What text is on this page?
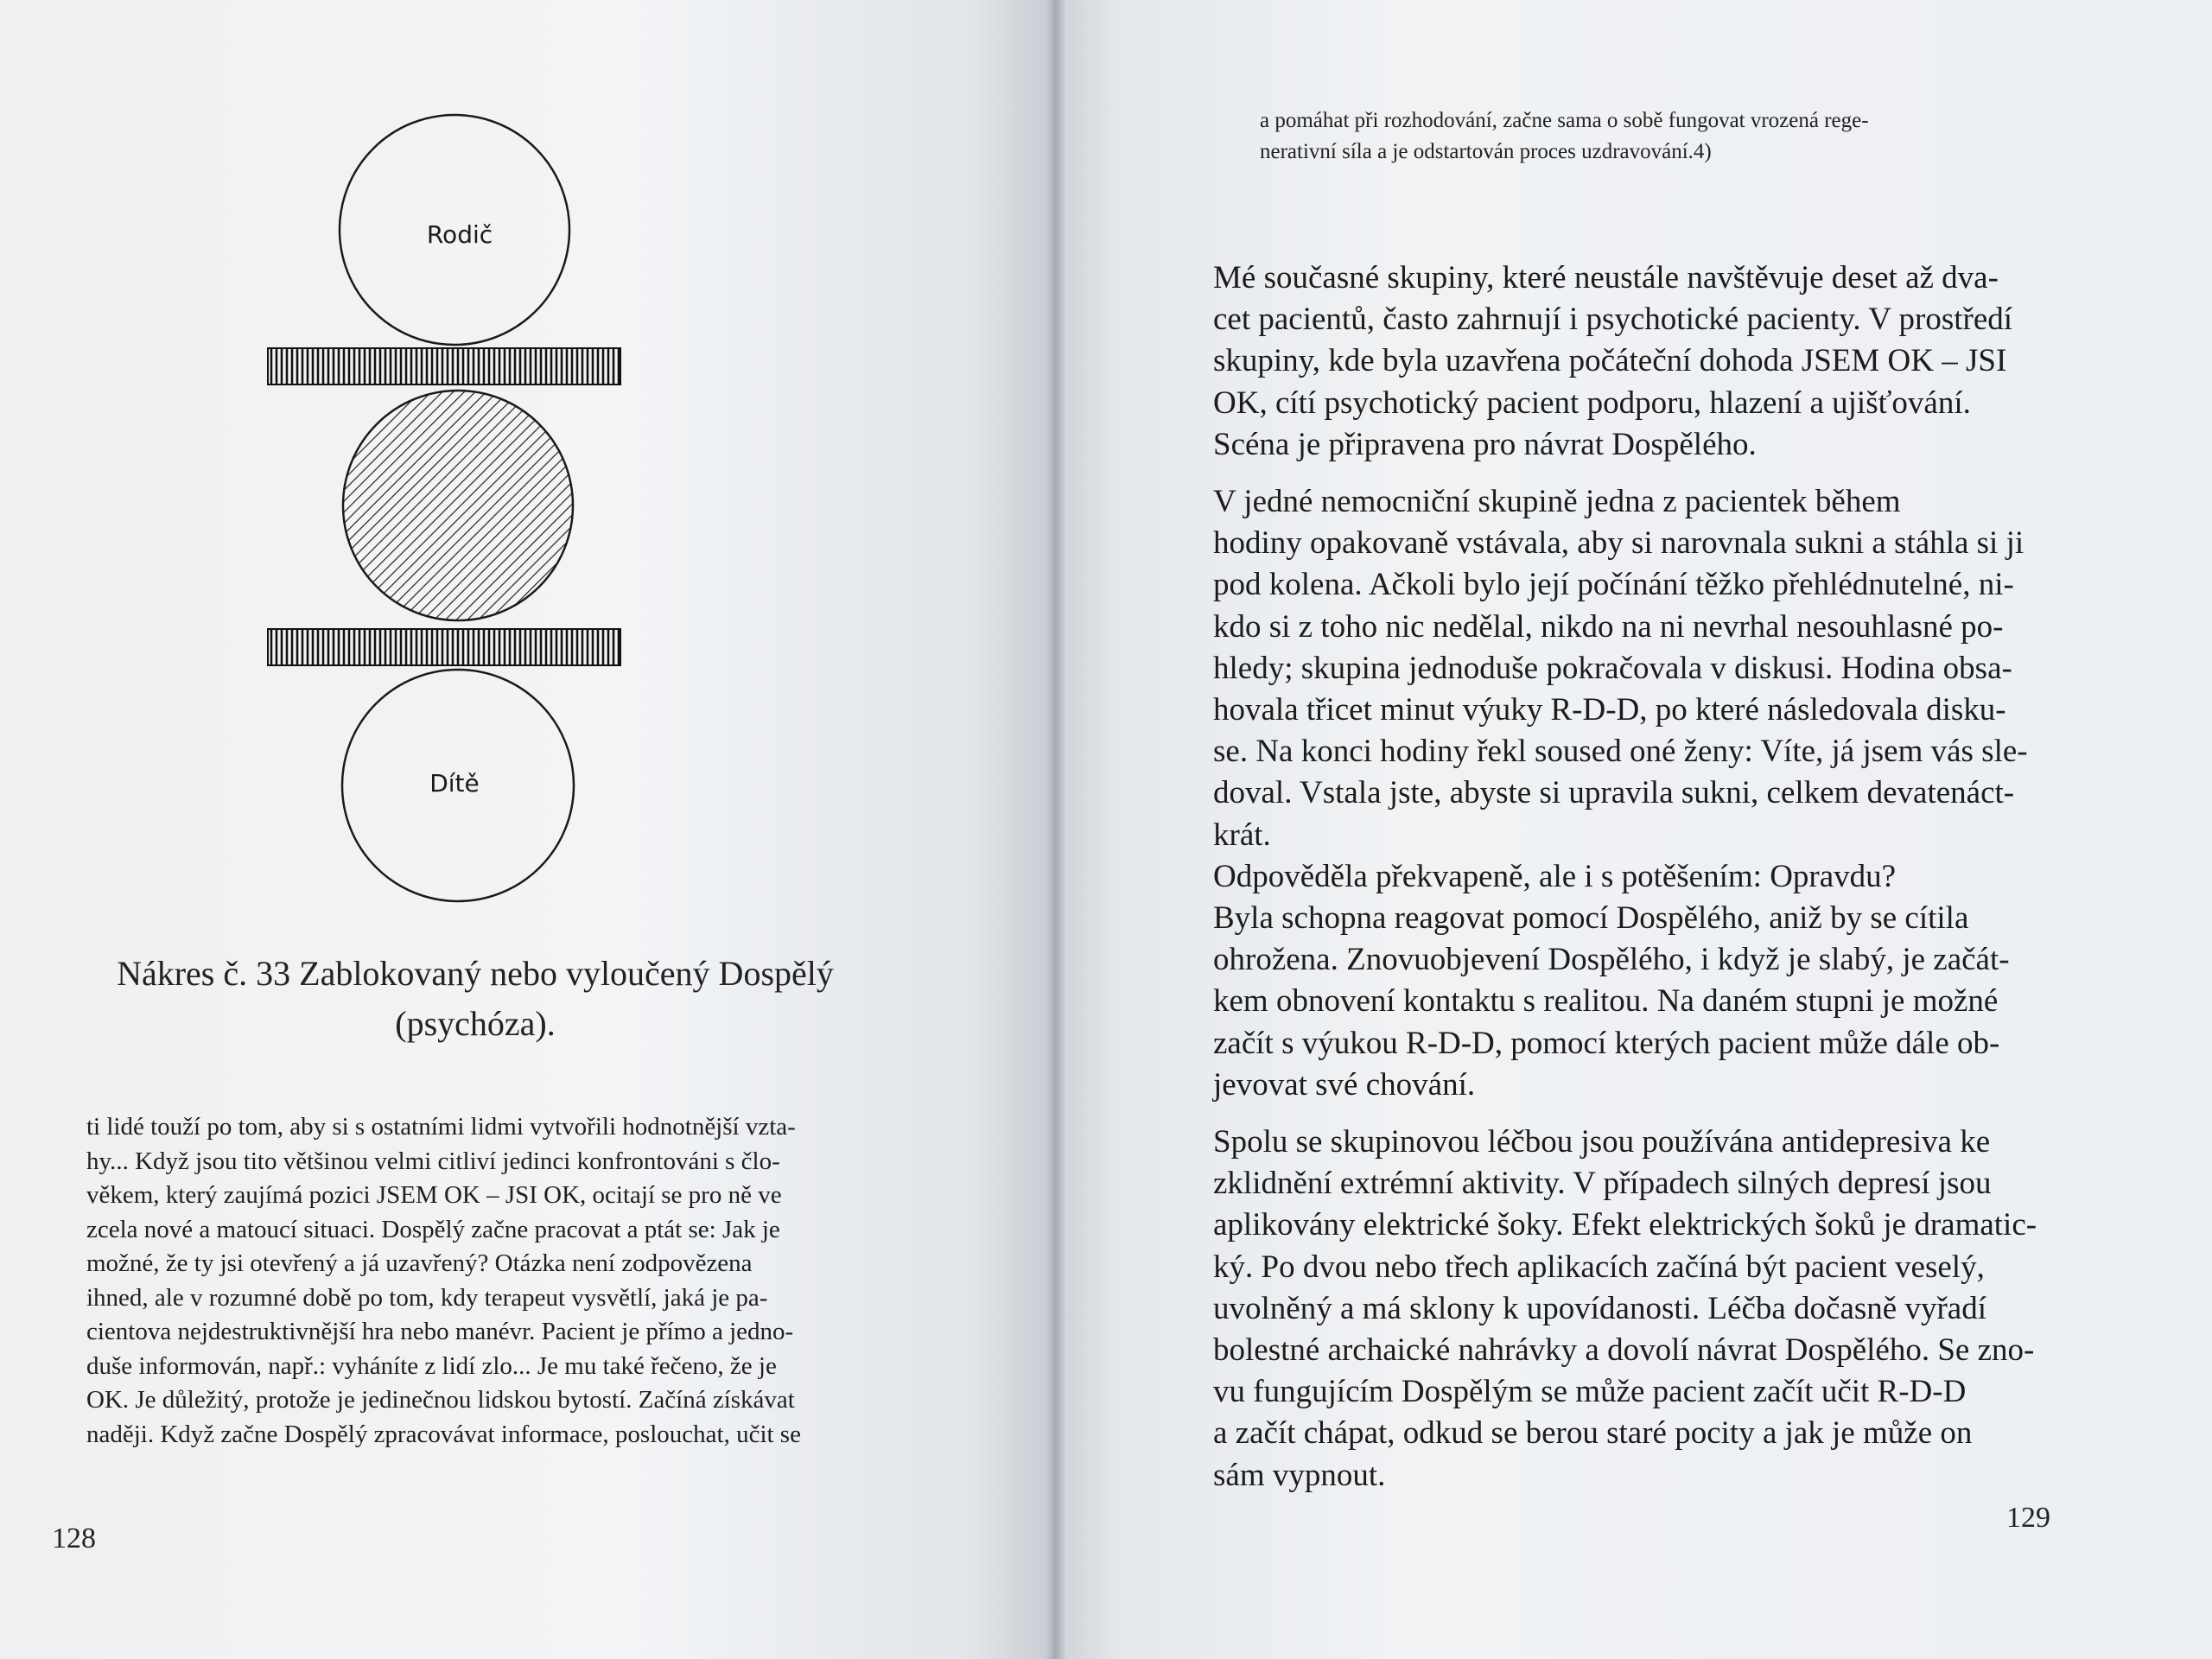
Rodič
Dítě
Nákres č. 33 Zablokovaný nebo vyloučený Dospělý
(psychóza).
ti lidé touží po tom, aby si s ostatními lidmi vytvořili hodnotnější vzta-
hy... Když jsou tito většinou velmi citliví jedinci konfrontováni s člo-
věkem, který zaujímá pozici JSEM OK – JSI OK, ocitají se pro ně ve
zcela nové a matoucí situaci. Dospělý začne pracovat a ptát se: Jak je
možné, že ty jsi otevřený a já uzavřený? Otázka není zodpovězena
ihned, ale v rozumné době po tom, kdy terapeut vysvětlí, jaká je pa-
cientova nejdestruktivnější hra nebo manévr. Pacient je přímo a jedno-
duše informován, např.: vyháníte z lidí zlo... Je mu také řečeno, že je
OK. Je důležitý, protože je jedinečnou lidskou bytostí. Začíná získávat
naději. Když začne Dospělý zpracovávat informace, poslouchat, učit se
a pomáhat při rozhodování, začne sama o sobě fungovat vrozená rege-
nerativní síla a je odstartován proces uzdravování.4)
Mé současné skupiny, které neustále navštěvuje deset až dva-
cet pacientů, často zahrnují i psychotické pacienty. V prostředí
skupiny, kde byla uzavřena počáteční dohoda JSEM OK – JSI
OK, cítí psychotický pacient podporu, hlazení a ujišťování.
Scéna je připravena pro návrat Dospělého.
V jedné nemocniční skupině jedna z pacientek během
hodiny opakovaně vstávala, aby si narovnala sukni a stáhla si ji
pod kolena. Ačkoli bylo její počínání těžko přehlédnutelné, ni-
kdo si z toho nic nedělal, nikdo na ni nevrhal nesouhlasné po-
hledy; skupina jednoduše pokračovala v diskusi. Hodina obsa-
hovala třicet minut výuky R-D-D, po které následovala disku-
se. Na konci hodiny řekl soused oné ženy: Víte, já jsem vás sle-
doval. Vstala jste, abyste si upravila sukni, celkem devatenáct-
krát.
Odpověděla překvapeně, ale i s potěšením: Opravdu?
Byla schopna reagovat pomocí Dospělého, aniž by se cítila
ohrožena. Znovuobjevení Dospělého, i když je slabý, je začát-
kem obnovení kontaktu s realitou. Na daném stupni je možné
začít s výukou R-D-D, pomocí kterých pacient může dále ob-
jevovat své chování.
Spolu se skupinovou léčbou jsou používána antidepresiva ke
zklidnění extrémní aktivity. V případech silných depresí jsou
aplikovány elektrické šoky. Efekt elektrických šoků je dramatic-
ký. Po dvou nebo třech aplikacích začíná být pacient veselý,
uvolněný a má sklony k upovídanosti. Léčba dočasně vyřadí
bolestné archaické nahrávky a dovolí návrat Dospělého. Se zno-
vu fungujícím Dospělým se může pacient začít učit R-D-D
a začít chápat, odkud se berou staré pocity a jak je může on
sám vypnout.
128
129
